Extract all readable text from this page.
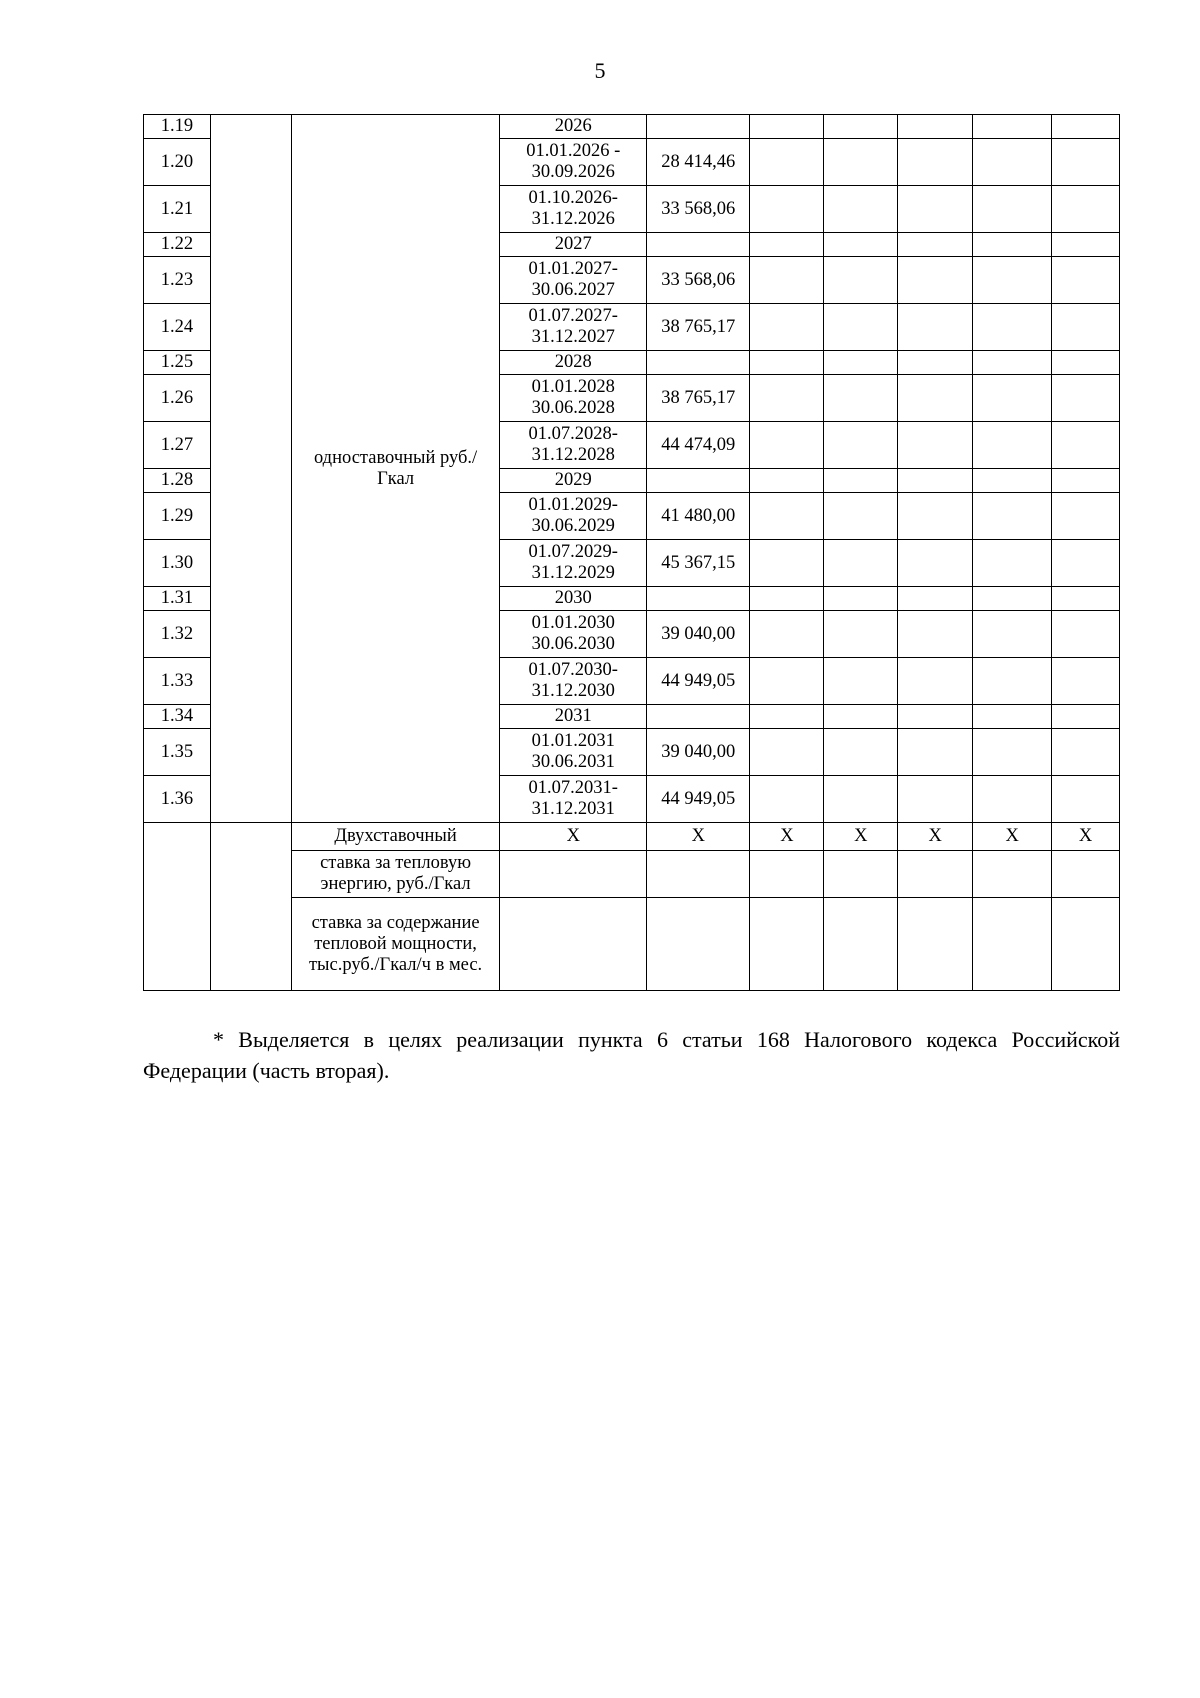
5
1.19		одноставочный руб./Гкал	2026						
1.20			01.01.2026 - 30.09.2026	28 414,46					
1.21			01.10.2026- 31.12.2026	33 568,06					
1.22			2027						
1.23			01.01.2027- 30.06.2027	33 568,06					
1.24			01.07.2027- 31.12.2027	38 765,17					
1.25			2028						
1.26			01.01.2028 30.06.2028	38 765,17					
1.27			01.07.2028- 31.12.2028	44 474,09					
1.28			2029						
1.29			01.01.2029- 30.06.2029	41 480,00					
1.30			01.07.2029- 31.12.2029	45 367,15					
1.31			2030						
1.32			01.01.2030 30.06.2030	39 040,00					
1.33			01.07.2030- 31.12.2030	44 949,05					
1.34			2031						
1.35			01.01.2031 30.06.2031	39 040,00					
1.36			01.07.2031- 31.12.2031	44 949,05					
		Двухставочный	X	X	X	X	X	X	X
		ставка за тепловую энергию, руб./Гкал							
		ставка за содержание тепловой мощности, тыс.руб./Гкал/ч в мес.							
* Выделяется в целях реализации пункта 6 статьи 168 Налогового кодекса Российской
Федерации (часть вторая).
